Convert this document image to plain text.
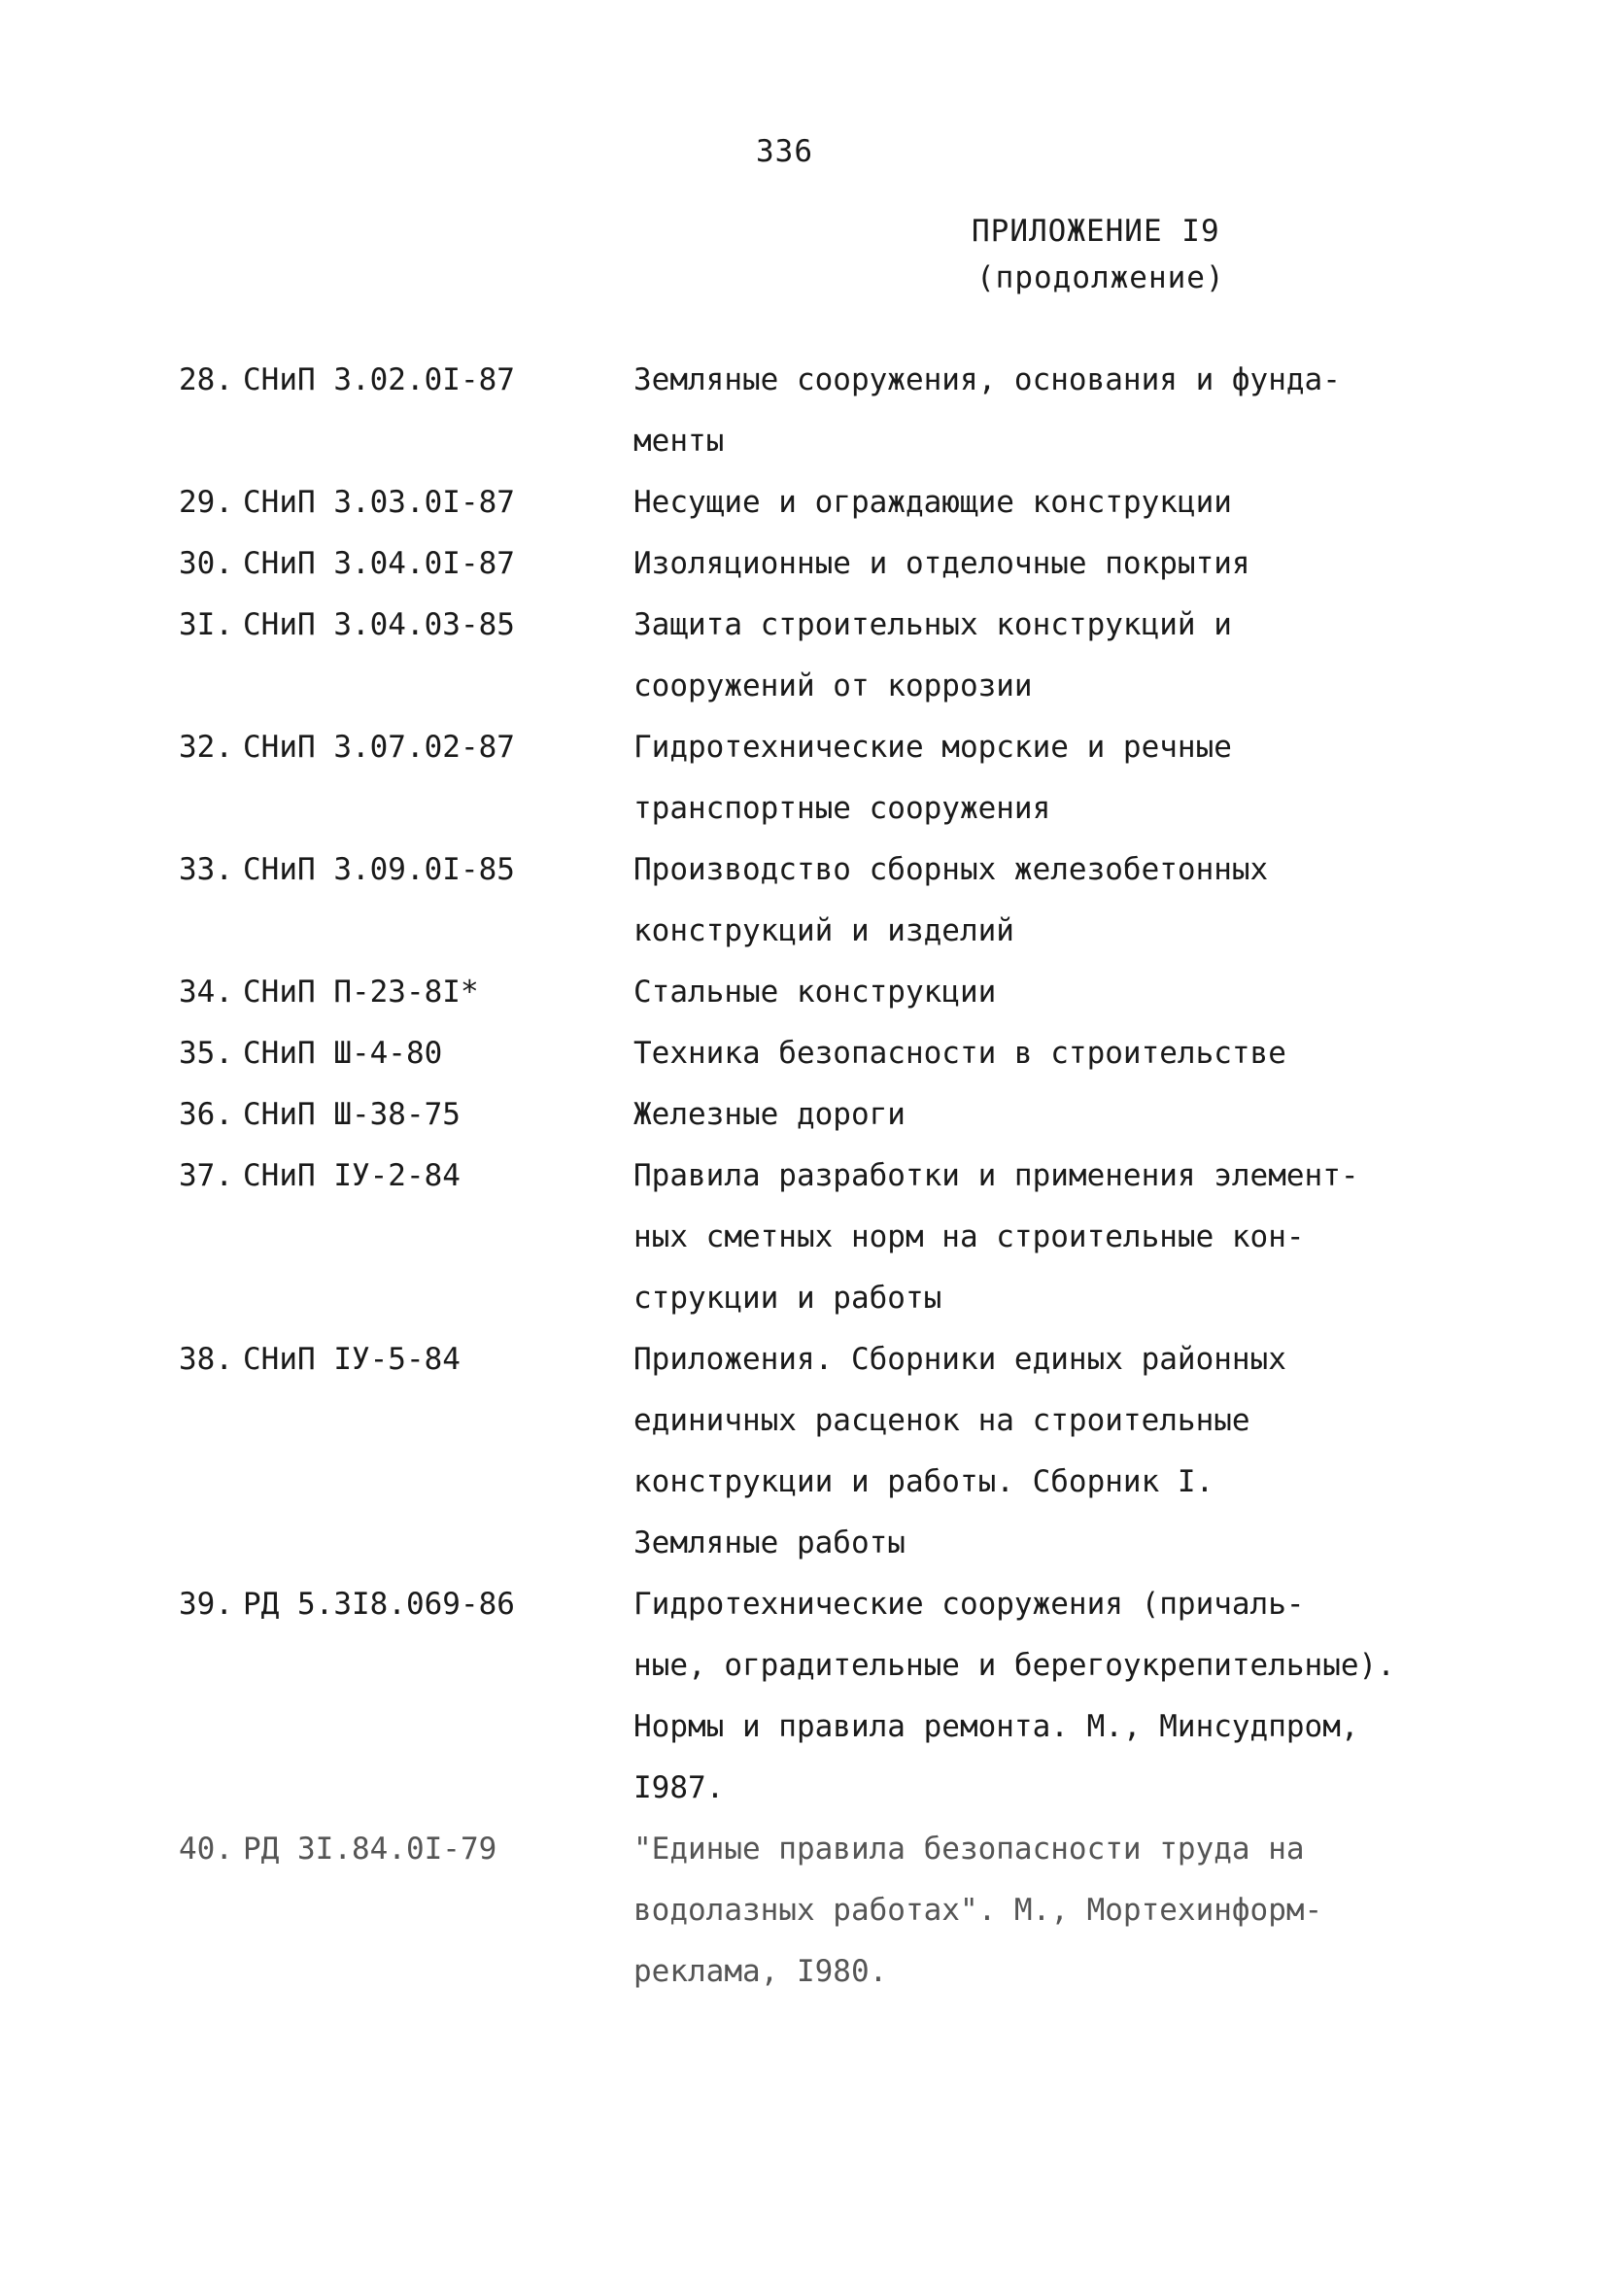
336
ПРИЛОЖЕНИЕ I9
(продолжение)
28. СНиП 3.02.0I-87	Земляные сооружения, основания и фунда-
менты
29. СНиП 3.03.0I-87	Несущие и ограждающие конструкции
30. СНиП 3.04.0I-87	Изоляционные и отделочные покрытия
3I. СНиП 3.04.03-85	Защита строительных конструкций и
сооружений от коррозии
32. СНиП 3.07.02-87	Гидротехнические морские и речные
транспортные сооружения
33. СНиП 3.09.0I-85	Производство сборных железобетонных
конструкций и изделий
34. СНиП П-23-8I*	Стальные конструкции
35. СНиП Ш-4-80	Техника безопасности в строительстве
36. СНиП Ш-38-75	Железные дороги
37. СНиП IУ-2-84	Правила разработки и применения элемент-
ных сметных норм на строительные кон-
струкции и работы
38. СНиП IУ-5-84	Приложения. Сборники единых районных
единичных расценок на строительные
конструкции и работы. Сборник I.
Земляные работы
39. РД 5.3I8.069-86	Гидротехнические сооружения (причаль-
ные, оградительные и берегоукрепительные).
Нормы и правила ремонта. М., Минсудпром,
I987.
40. РД 3I.84.0I-79	"Единые правила безопасности труда на
водолазных работах". М., Мортехинформ-
реклама, I980.
